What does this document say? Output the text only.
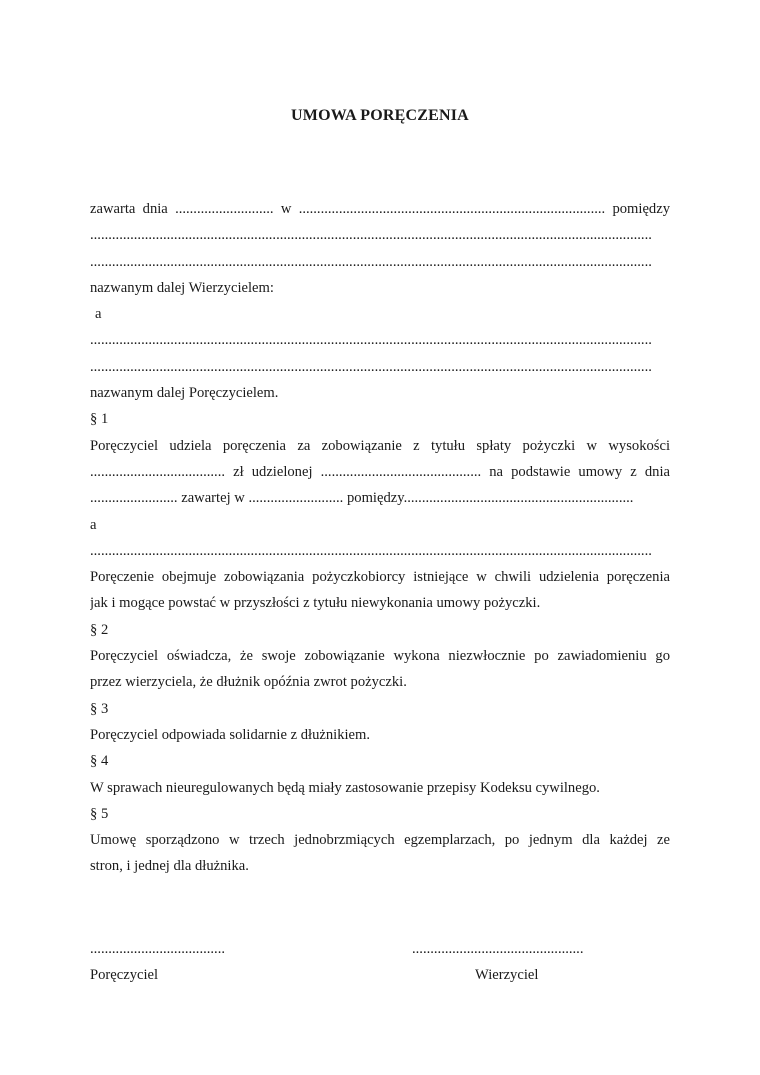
UMOWA PORĘCZENIA
zawarta dnia ........................... w .................................................................................... pomiędzy
..........................................................................................................................................................
..........................................................................................................................................................
nazwanym dalej Wierzycielem:
a
..........................................................................................................................................................
..........................................................................................................................................................
nazwanym dalej Poręczycielem.
§ 1
Poręczyciel udziela poręczenia za zobowiązanie z tytułu spłaty pożyczki w wysokości
..................................... zł udzielonej ............................................ na podstawie umowy z dnia
........................ zawartej w .......................... pomiędzy...............................................................
a
..........................................................................................................................................................
Poręczenie obejmuje zobowiązania pożyczkobiorcy istniejące w chwili udzielenia poręczenia
jak i mogące powstać w przyszłości z tytułu niewykonania umowy pożyczki.
§ 2
Poręczyciel oświadcza, że swoje zobowiązanie wykona niezwłocznie po zawiadomieniu go
przez wierzyciela, że dłużnik opóźnia zwrot pożyczki.
§ 3
Poręczyciel odpowiada solidarnie z dłużnikiem.
§ 4
W sprawach nieuregulowanych będą miały zastosowanie przepisy Kodeksu cywilnego.
§ 5
Umowę sporządzono w trzech jednobrzmiących egzemplarzach, po jednym dla każdej ze
stron, i jednej dla dłużnika.
.....................................	...............................................
Poręczyciel	Wierzyciel
